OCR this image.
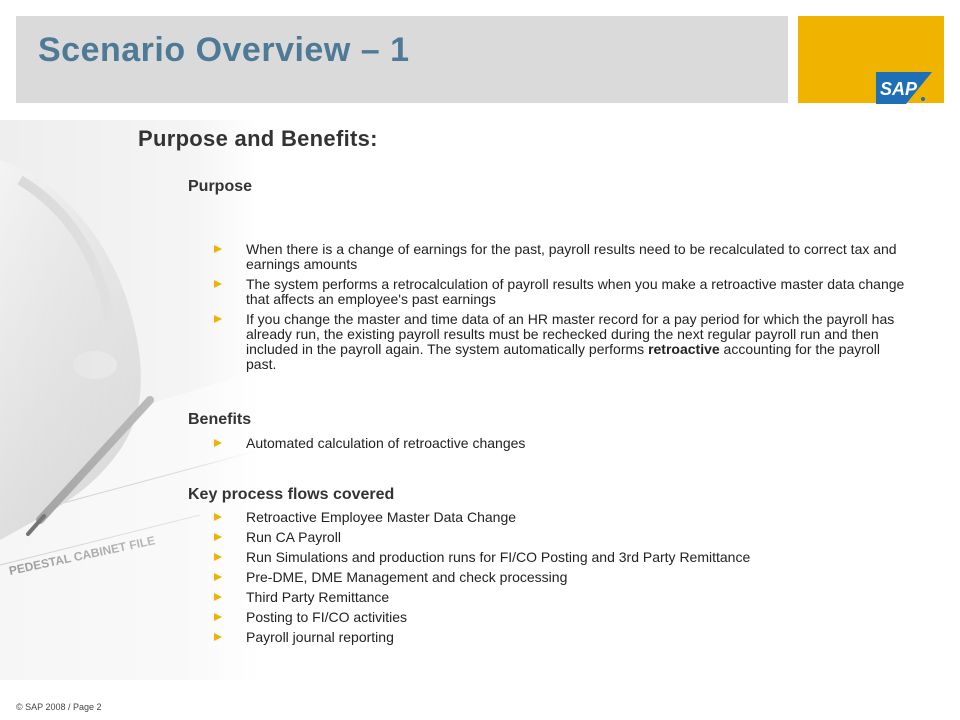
Scenario Overview – 1
SAP
Purpose and Benefits:
Purpose
When there is a change of earnings for the past, payroll results need to be recalculated to correct tax and earnings amounts
The system performs a retrocalculation of payroll results when you make a retroactive master data change that affects an employee's past earnings
If you change the master and time data of an HR master record for a pay period for which the payroll has already run, the existing payroll results must be rechecked during the next regular payroll run and then included in the payroll again. The system automatically performs retroactive accounting for the payroll past.
Benefits
Automated calculation of retroactive changes
Key process flows covered
Retroactive Employee Master Data Change
Run CA Payroll
Run Simulations and production runs for FI/CO Posting and 3rd Party Remittance
Pre-DME, DME Management and check processing
Third Party Remittance
Posting to FI/CO activities
Payroll journal reporting
© SAP 2008 / Page 2
